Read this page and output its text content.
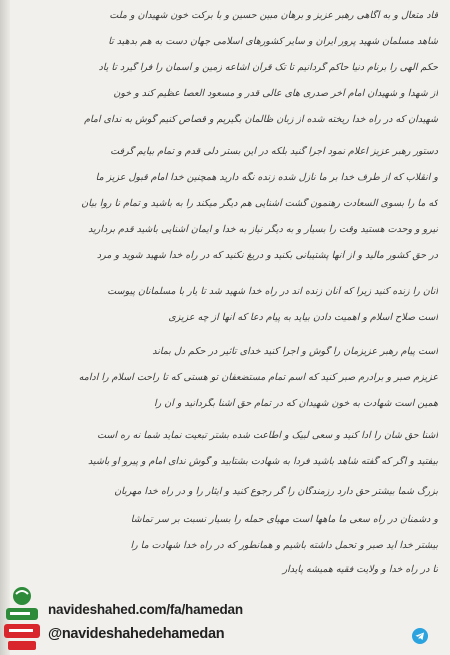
قاد متعال و به آگاهی رهبر عزیز و برهان مبین حسین و با برکت خون شهیدان و ملت
شاهد مسلمان شهید پرور ایران و سایر کشورهای اسلامی جهان دست به هم بدهید تا
حکم الهی را برنام دنیا حاکم گردانیم تا تک قرآن اشاعه زمین و آسمان را فرا گیرد تا یاد
از شهدا و شهیدان امام آخر صدری های عالی قدر و مسعود العصا عظیم کند و خون
شهیدان که در راه خدا ریخته شده از زبان ظالمان بگیریم و قصاص کنیم گوش به ندای امام
دستور رهبر عزیز اعلام نمود اجرا گنید بلکه در این بستر دلی قدم و تمام بیایم گرفت
و انقلاب که از طرف خدا بر ما نازل شده زنده نگه دارید همچنین خدا امام قبول عزیز ما
که ما را بسوی السعادت رهنمون گشت آشنایی هم دیگر میکند را به باشید و تمام نا روا بیان
نیرو و وحدت هستید وقت را بسیار و به دیگر نیاز به خدا و ایمان آشنایی باشید قدم بردارید
در حق کشور مالید و از آنها پشتیبانی بکنید و دریغ نکنید که در راه خدا شهید شوید و مرد
آنان را زنده کنید زیرا که آنان زنده اند در راه خدا شهید شد تا یار با مسلمانان پیوست
است صلاح اسلام و اهمیت دادن بیاید به پیام دعا که آنها از چه عزیزی
است پیام رهبر عزیزمان را گوش و اجرا کنید خدای تاثیر در حکم دل بماند
عزیزم صبر و برادرم صبر کنید که اسم تمام مستضعفان تو هستی که تا راحت اسلام را ادامه
همین است شهادت به خون شهیدان که در تمام حق آشنا بگردانید و آن را
آشنا حق شان را ادا کنید و سعی لبیک و اطاعت شده بشتر تبعیت نماید شما نه ره است
بیفتید و اگر که گفته شاهد باشید فردا به شهادت بشتابید و گوش ندای امام و پیرو او باشید
بزرگ شما بیشتر حق دارد رزمندگان را گر رجوع کنید و ایثار را و در راه خدا مهربان
و دشمنان در راه سعی ما ماهها است مهیای حمله را بسیار نسبت بر سر تماشا
بیشتر خدا آید صبر و تحمل داشته باشیم و همانطور که در راه خدا شهادت ما را
تا در راه خدا و ولایت فقیه همیشه پایدار
navideshahed.com/fa/hamedan
@navideshahedehamedan
